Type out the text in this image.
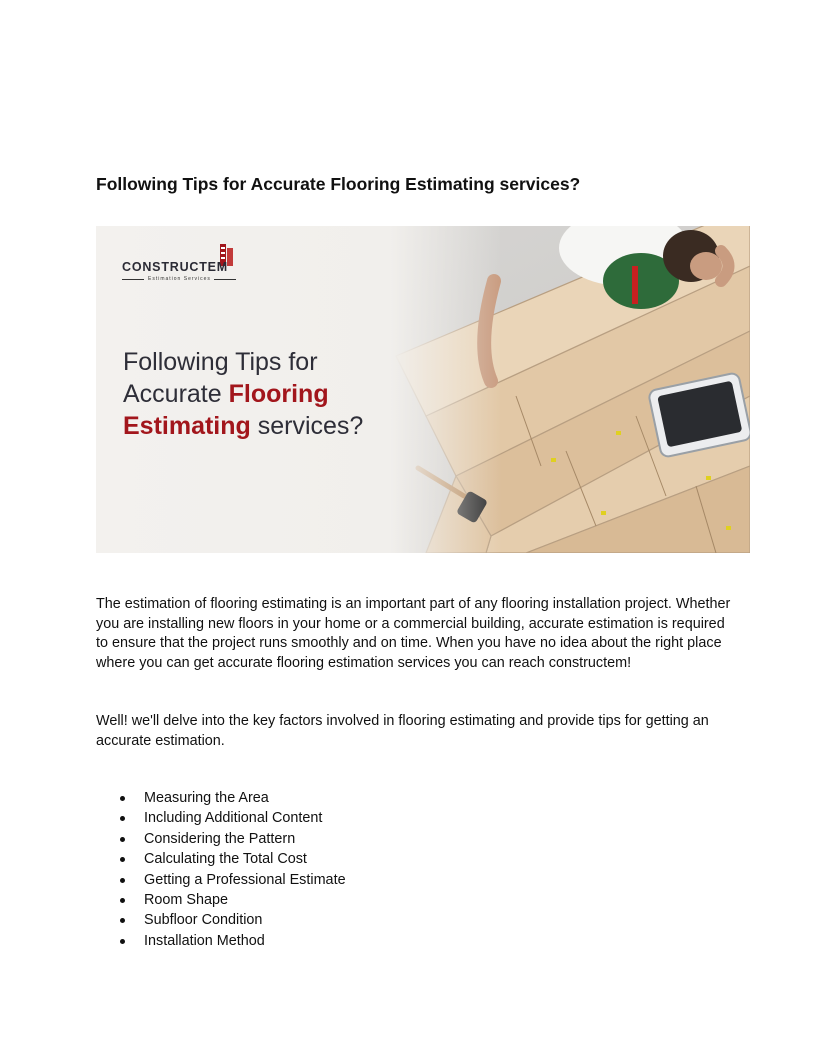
Following Tips for Accurate Flooring Estimating services?
CONSTRUCTEM
Estimation Services
Following Tips for
Accurate Flooring
Estimating services?

The estimation of flooring estimating is an important part of any flooring installation project. Whether you are installing new floors in your home or a commercial building, accurate estimation is required to ensure that the project runs smoothly and on time. When you have no idea about the right place where you can get accurate flooring estimation services you can reach constructem!

Well! we'll delve into the key factors involved in flooring estimating and provide tips for getting an accurate estimation.

Measuring the Area
Including Additional Content
Considering the Pattern
Calculating the Total Cost
Getting a Professional Estimate
Room Shape
Subfloor Condition
Installation Method
